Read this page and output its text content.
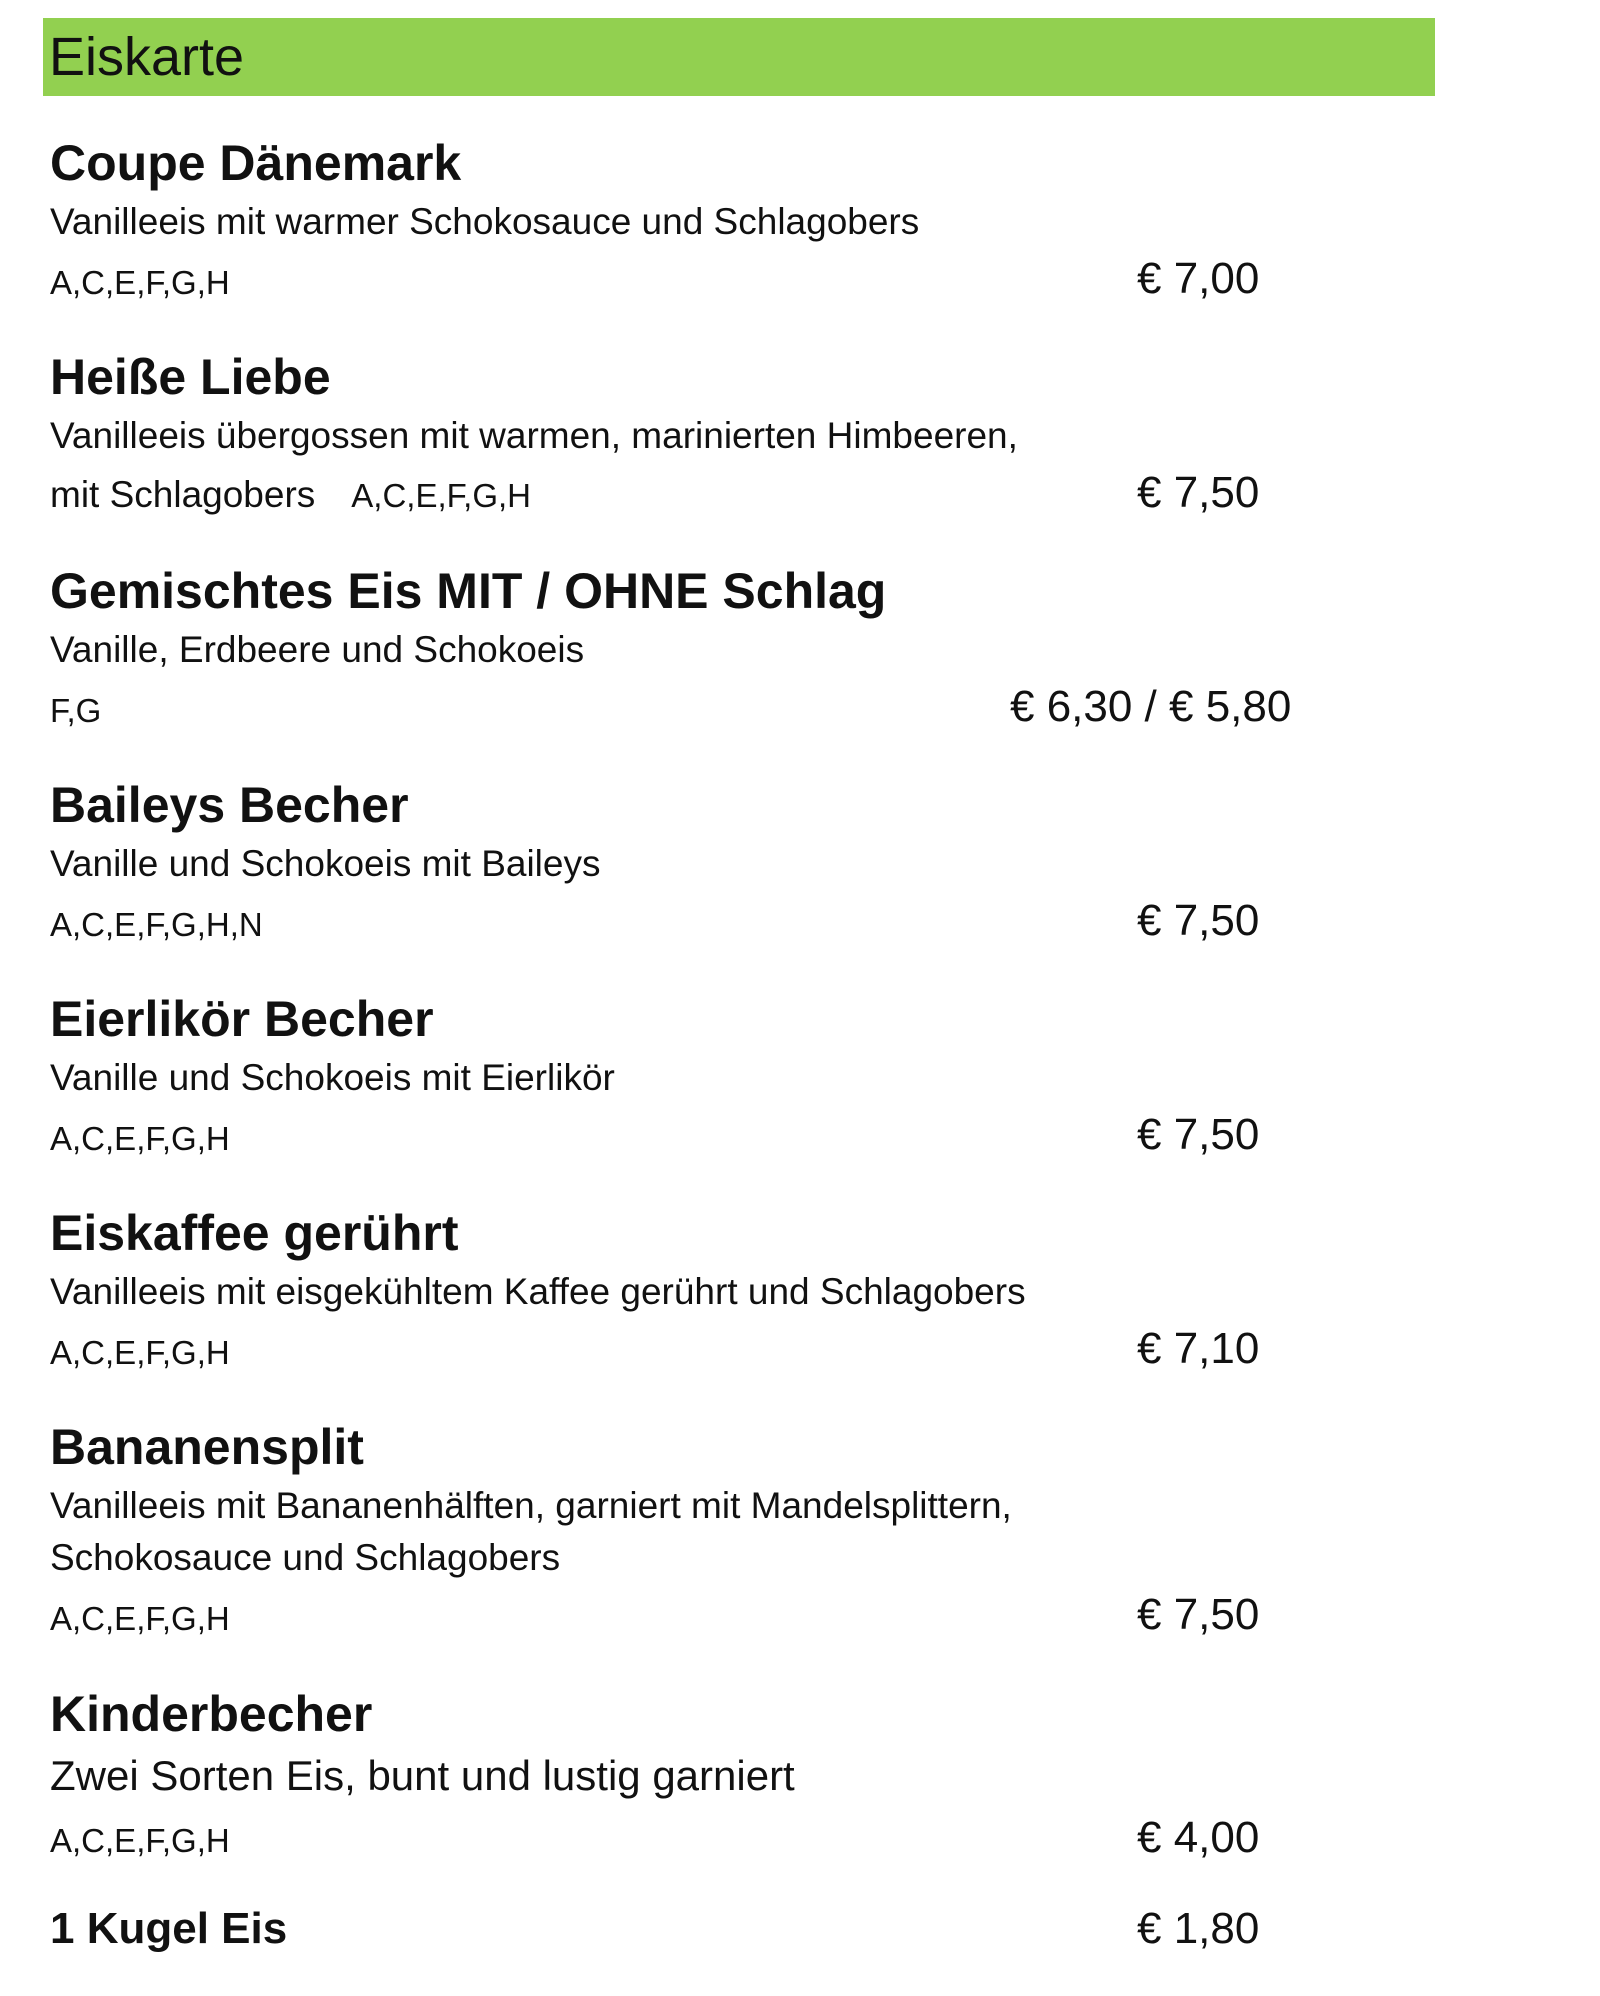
Eiskarte
Coupe Dänemark
Vanilleeis mit warmer Schokosauce und Schlagobers
A,C,E,F,G,H	€ 7,00
Heiße Liebe
Vanilleeis übergossen mit warmen, marinierten Himbeeren,
mit Schlagobers A,C,E,F,G,H	€ 7,50
Gemischtes Eis MIT / OHNE Schlag
Vanille, Erdbeere und Schokoeis
F,G	€ 6,30 / € 5,80
Baileys Becher
Vanille und Schokoeis mit Baileys
A,C,E,F,G,H,N	€ 7,50
Eierlikör Becher
Vanille und Schokoeis mit Eierlikör
A,C,E,F,G,H	€ 7,50
Eiskaffee gerührt
Vanilleeis mit eisgekühltem Kaffee gerührt und Schlagobers
A,C,E,F,G,H	€ 7,10
Bananensplit
Vanilleeis mit Bananenhälften, garniert mit Mandelsplittern,
Schokosauce und Schlagobers
A,C,E,F,G,H	€ 7,50
Kinderbecher
Zwei Sorten Eis, bunt und lustig garniert
A,C,E,F,G,H	€ 4,00
1 Kugel Eis	€ 1,80
